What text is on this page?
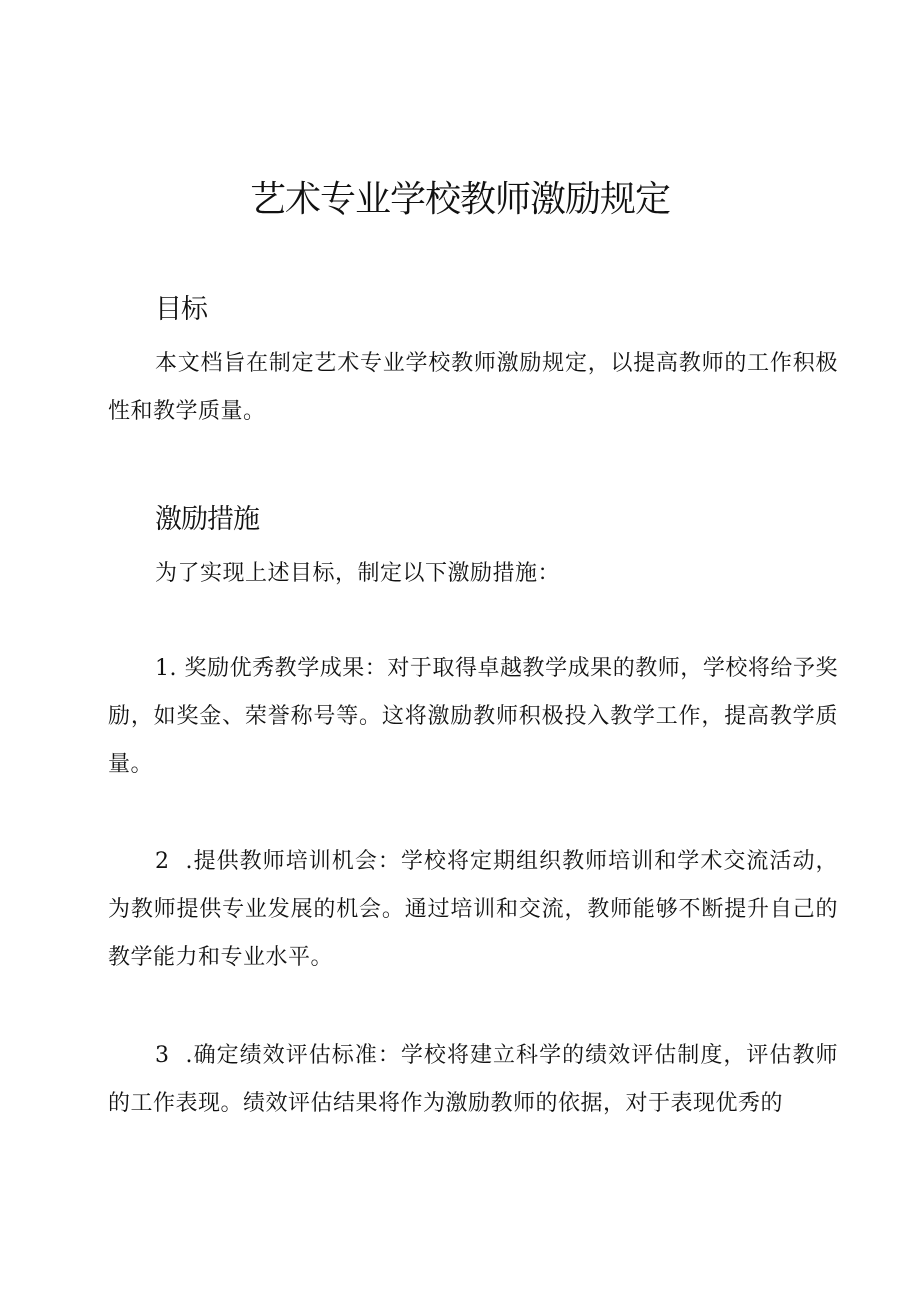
艺术专业学校教师激励规定
目标

本文档旨在制定艺术专业学校教师激励规定，以提高教师的工作积极性和教学质量。

激励措施

为了实现上述目标，制定以下激励措施：

1. 奖励优秀教学成果：对于取得卓越教学成果的教师，学校将给予奖励，如奖金、荣誉称号等。这将激励教师积极投入教学工作，提高教学质量。

2  .提供教师培训机会：学校将定期组织教师培训和学术交流活动，为教师提供专业发展的机会。通过培训和交流，教师能够不断提升自己的教学能力和专业水平。

3  .确定绩效评估标准：学校将建立科学的绩效评估制度，评估教师的工作表现。绩效评估结果将作为激励教师的依据，对于表现优秀的
